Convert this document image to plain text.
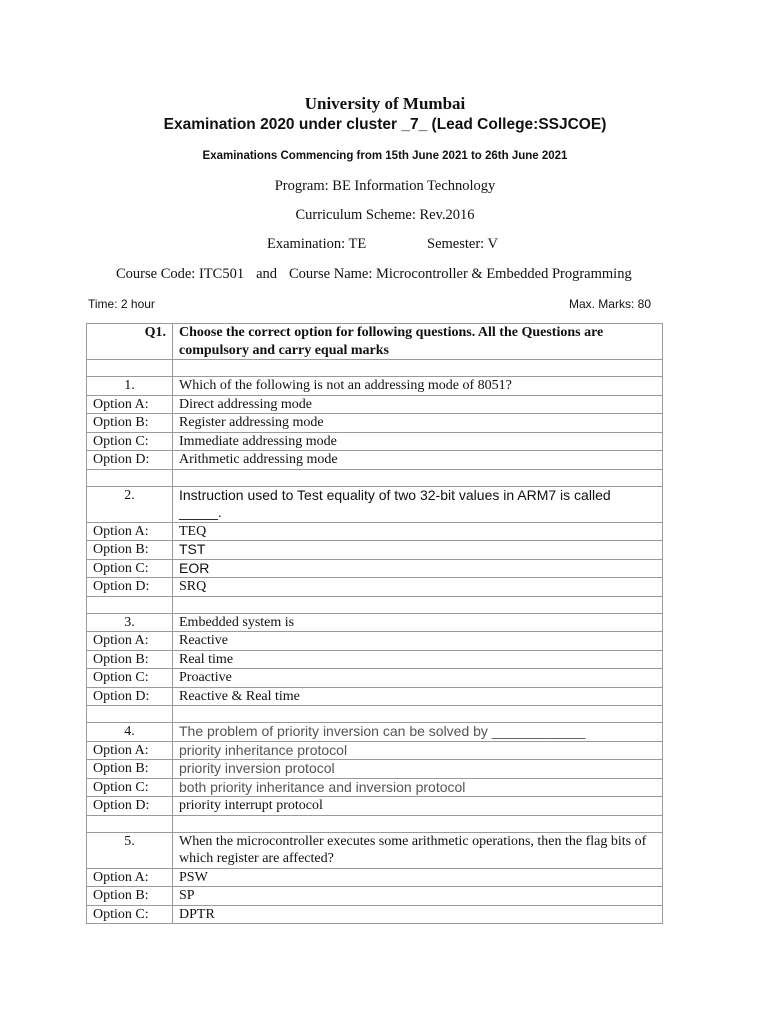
University of Mumbai
Examination 2020 under cluster _7_ (Lead College:SSJCOE)
Examinations Commencing from 15th June 2021 to 26th June 2021
Program: BE Information Technology
Curriculum Scheme: Rev.2016
Examination: TE	Semester: V
Course Code: ITC501 and Course Name: Microcontroller & Embedded Programming
Time: 2 hour	Max. Marks: 80
Q1.	Choose the correct option for following questions. All the Questions are compulsory and carry equal marks

1.	Which of the following is not an addressing mode of 8051?
Option A:	Direct addressing mode
Option B:	Register addressing mode
Option C:	Immediate addressing mode
Option D:	Arithmetic addressing mode

2.	Instruction used to Test equality of two 32-bit values in ARM7 is called _____.
Option A:	TEQ
Option B:	TST
Option C:	EOR
Option D:	SRQ

3.	Embedded system is
Option A:	Reactive
Option B:	Real time
Option C:	Proactive
Option D:	Reactive & Real time

4.	The problem of priority inversion can be solved by ____________
Option A:	priority inheritance protocol
Option B:	priority inversion protocol
Option C:	both priority inheritance and inversion protocol
Option D:	priority interrupt protocol

5.	When the microcontroller executes some arithmetic operations, then the flag bits of which register are affected?
Option A:	PSW
Option B:	SP
Option C:	DPTR
